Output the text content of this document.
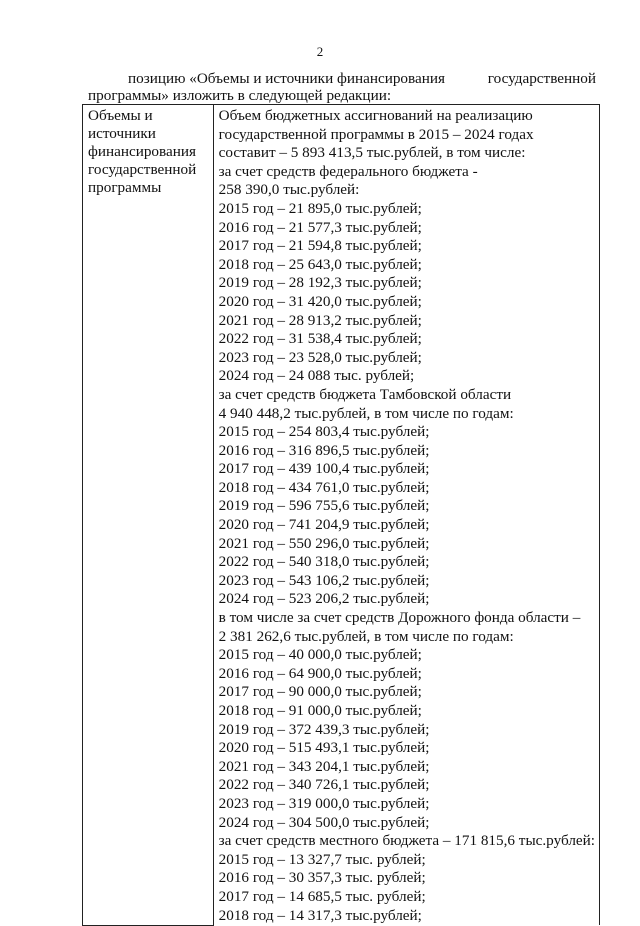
2
позицию «Объемы и источники финансирования	государственной
программы» изложить в следующей редакции:
Объемы и
источники
финансирования
государственной
программы

Объем бюджетных ассигнований на реализацию
государственной программы в 2015 – 2024 годах
составит – 5 893 413,5 тыс.рублей, в том числе:
за счет средств федерального бюджета -
258 390,0 тыс.рублей:
2015 год – 21 895,0 тыс.рублей;
2016 год – 21 577,3 тыс.рублей;
2017 год – 21 594,8 тыс.рублей;
2018 год – 25 643,0 тыс.рублей;
2019 год – 28 192,3 тыс.рублей;
2020 год – 31 420,0 тыс.рублей;
2021 год – 28 913,2 тыс.рублей;
2022 год – 31 538,4 тыс.рублей;
2023 год – 23 528,0 тыс.рублей;
2024 год – 24 088 тыс. рублей;
за счет средств бюджета Тамбовской области
4 940 448,2 тыс.рублей, в том числе по годам:
2015 год – 254 803,4 тыс.рублей;
2016 год – 316 896,5 тыс.рублей;
2017 год – 439 100,4 тыс.рублей;
2018 год – 434 761,0 тыс.рублей;
2019 год – 596 755,6 тыс.рублей;
2020 год – 741 204,9 тыс.рублей;
2021 год – 550 296,0 тыс.рублей;
2022 год – 540 318,0 тыс.рублей;
2023 год – 543 106,2 тыс.рублей;
2024 год – 523 206,2 тыс.рублей;
в том числе за счет средств Дорожного фонда области –
2 381 262,6 тыс.рублей, в том числе по годам:
2015 год – 40 000,0 тыс.рублей;
2016 год – 64 900,0 тыс.рублей;
2017 год – 90 000,0 тыс.рублей;
2018 год – 91 000,0 тыс.рублей;
2019 год – 372 439,3 тыс.рублей;
2020 год – 515 493,1 тыс.рублей;
2021 год – 343 204,1 тыс.рублей;
2022 год – 340 726,1 тыс.рублей;
2023 год – 319 000,0 тыс.рублей;
2024 год – 304 500,0 тыс.рублей;
за счет средств местного бюджета – 171 815,6 тыс.рублей:
2015 год – 13 327,7 тыс. рублей;
2016 год – 30 357,3 тыс. рублей;
2017 год – 14 685,5 тыс. рублей;
2018 год – 14 317,3 тыс.рублей;
